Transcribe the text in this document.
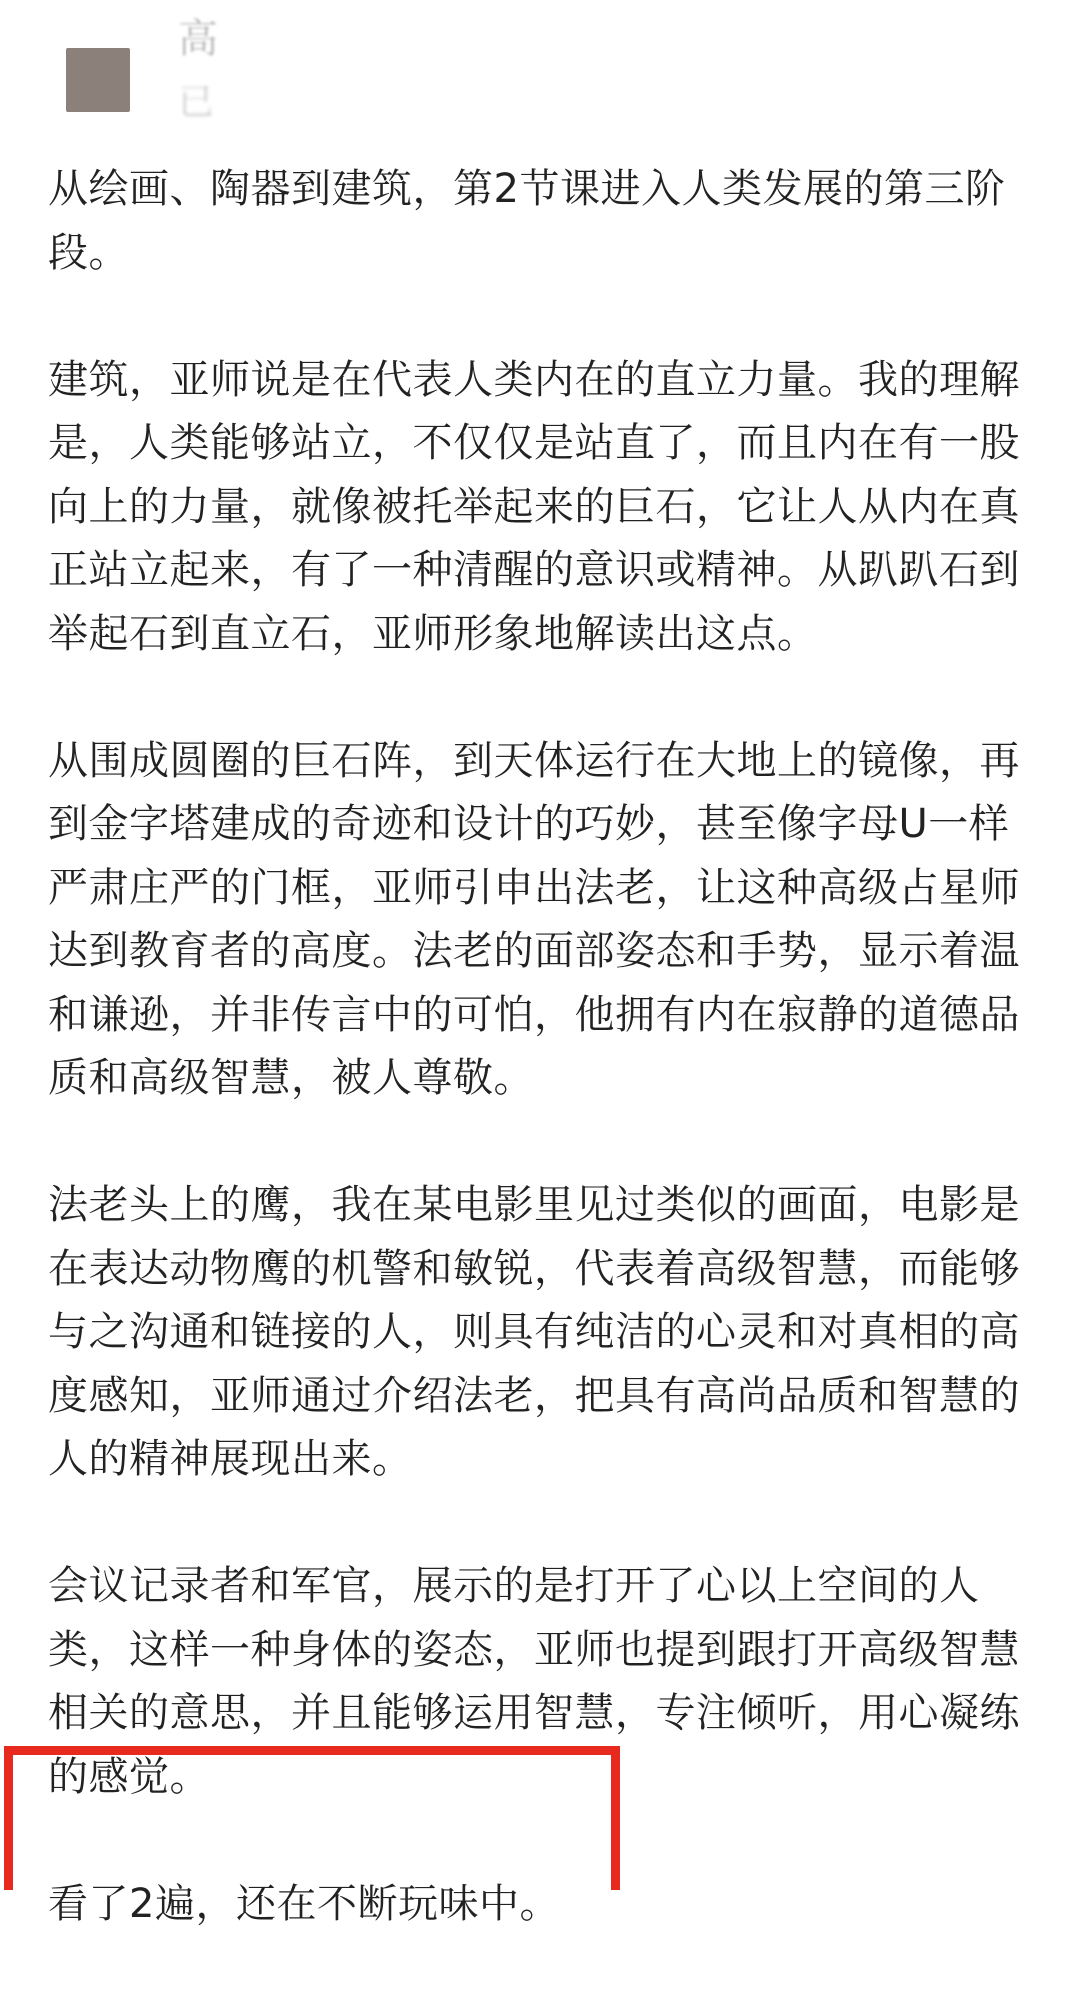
高
已

从绘画、陶器到建筑，第2节课进入人类发展的第三阶段。

建筑，亚师说是在代表人类内在的直立力量。我的理解是，人类能够站立，不仅仅是站直了，而且内在有一股向上的力量，就像被托举起来的巨石，它让人从内在真正站立起来，有了一种清醒的意识或精神。从趴趴石到举起石到直立石，亚师形象地解读出这点。

从围成圆圈的巨石阵，到天体运行在大地上的镜像，再到金字塔建成的奇迹和设计的巧妙，甚至像字母U一样严肃庄严的门框，亚师引申出法老，让这种高级占星师达到教育者的高度。法老的面部姿态和手势，显示着温和谦逊，并非传言中的可怕，他拥有内在寂静的道德品质和高级智慧，被人尊敬。

法老头上的鹰，我在某电影里见过类似的画面，电影是在表达动物鹰的机警和敏锐，代表着高级智慧，而能够与之沟通和链接的人，则具有纯洁的心灵和对真相的高度感知，亚师通过介绍法老，把具有高尚品质和智慧的人的精神展现出来。

会议记录者和军官，展示的是打开了心以上空间的人类，这样一种身体的姿态，亚师也提到跟打开高级智慧相关的意思，并且能够运用智慧，专注倾听，用心凝练的感觉。

看了2遍，还在不断玩味中。
